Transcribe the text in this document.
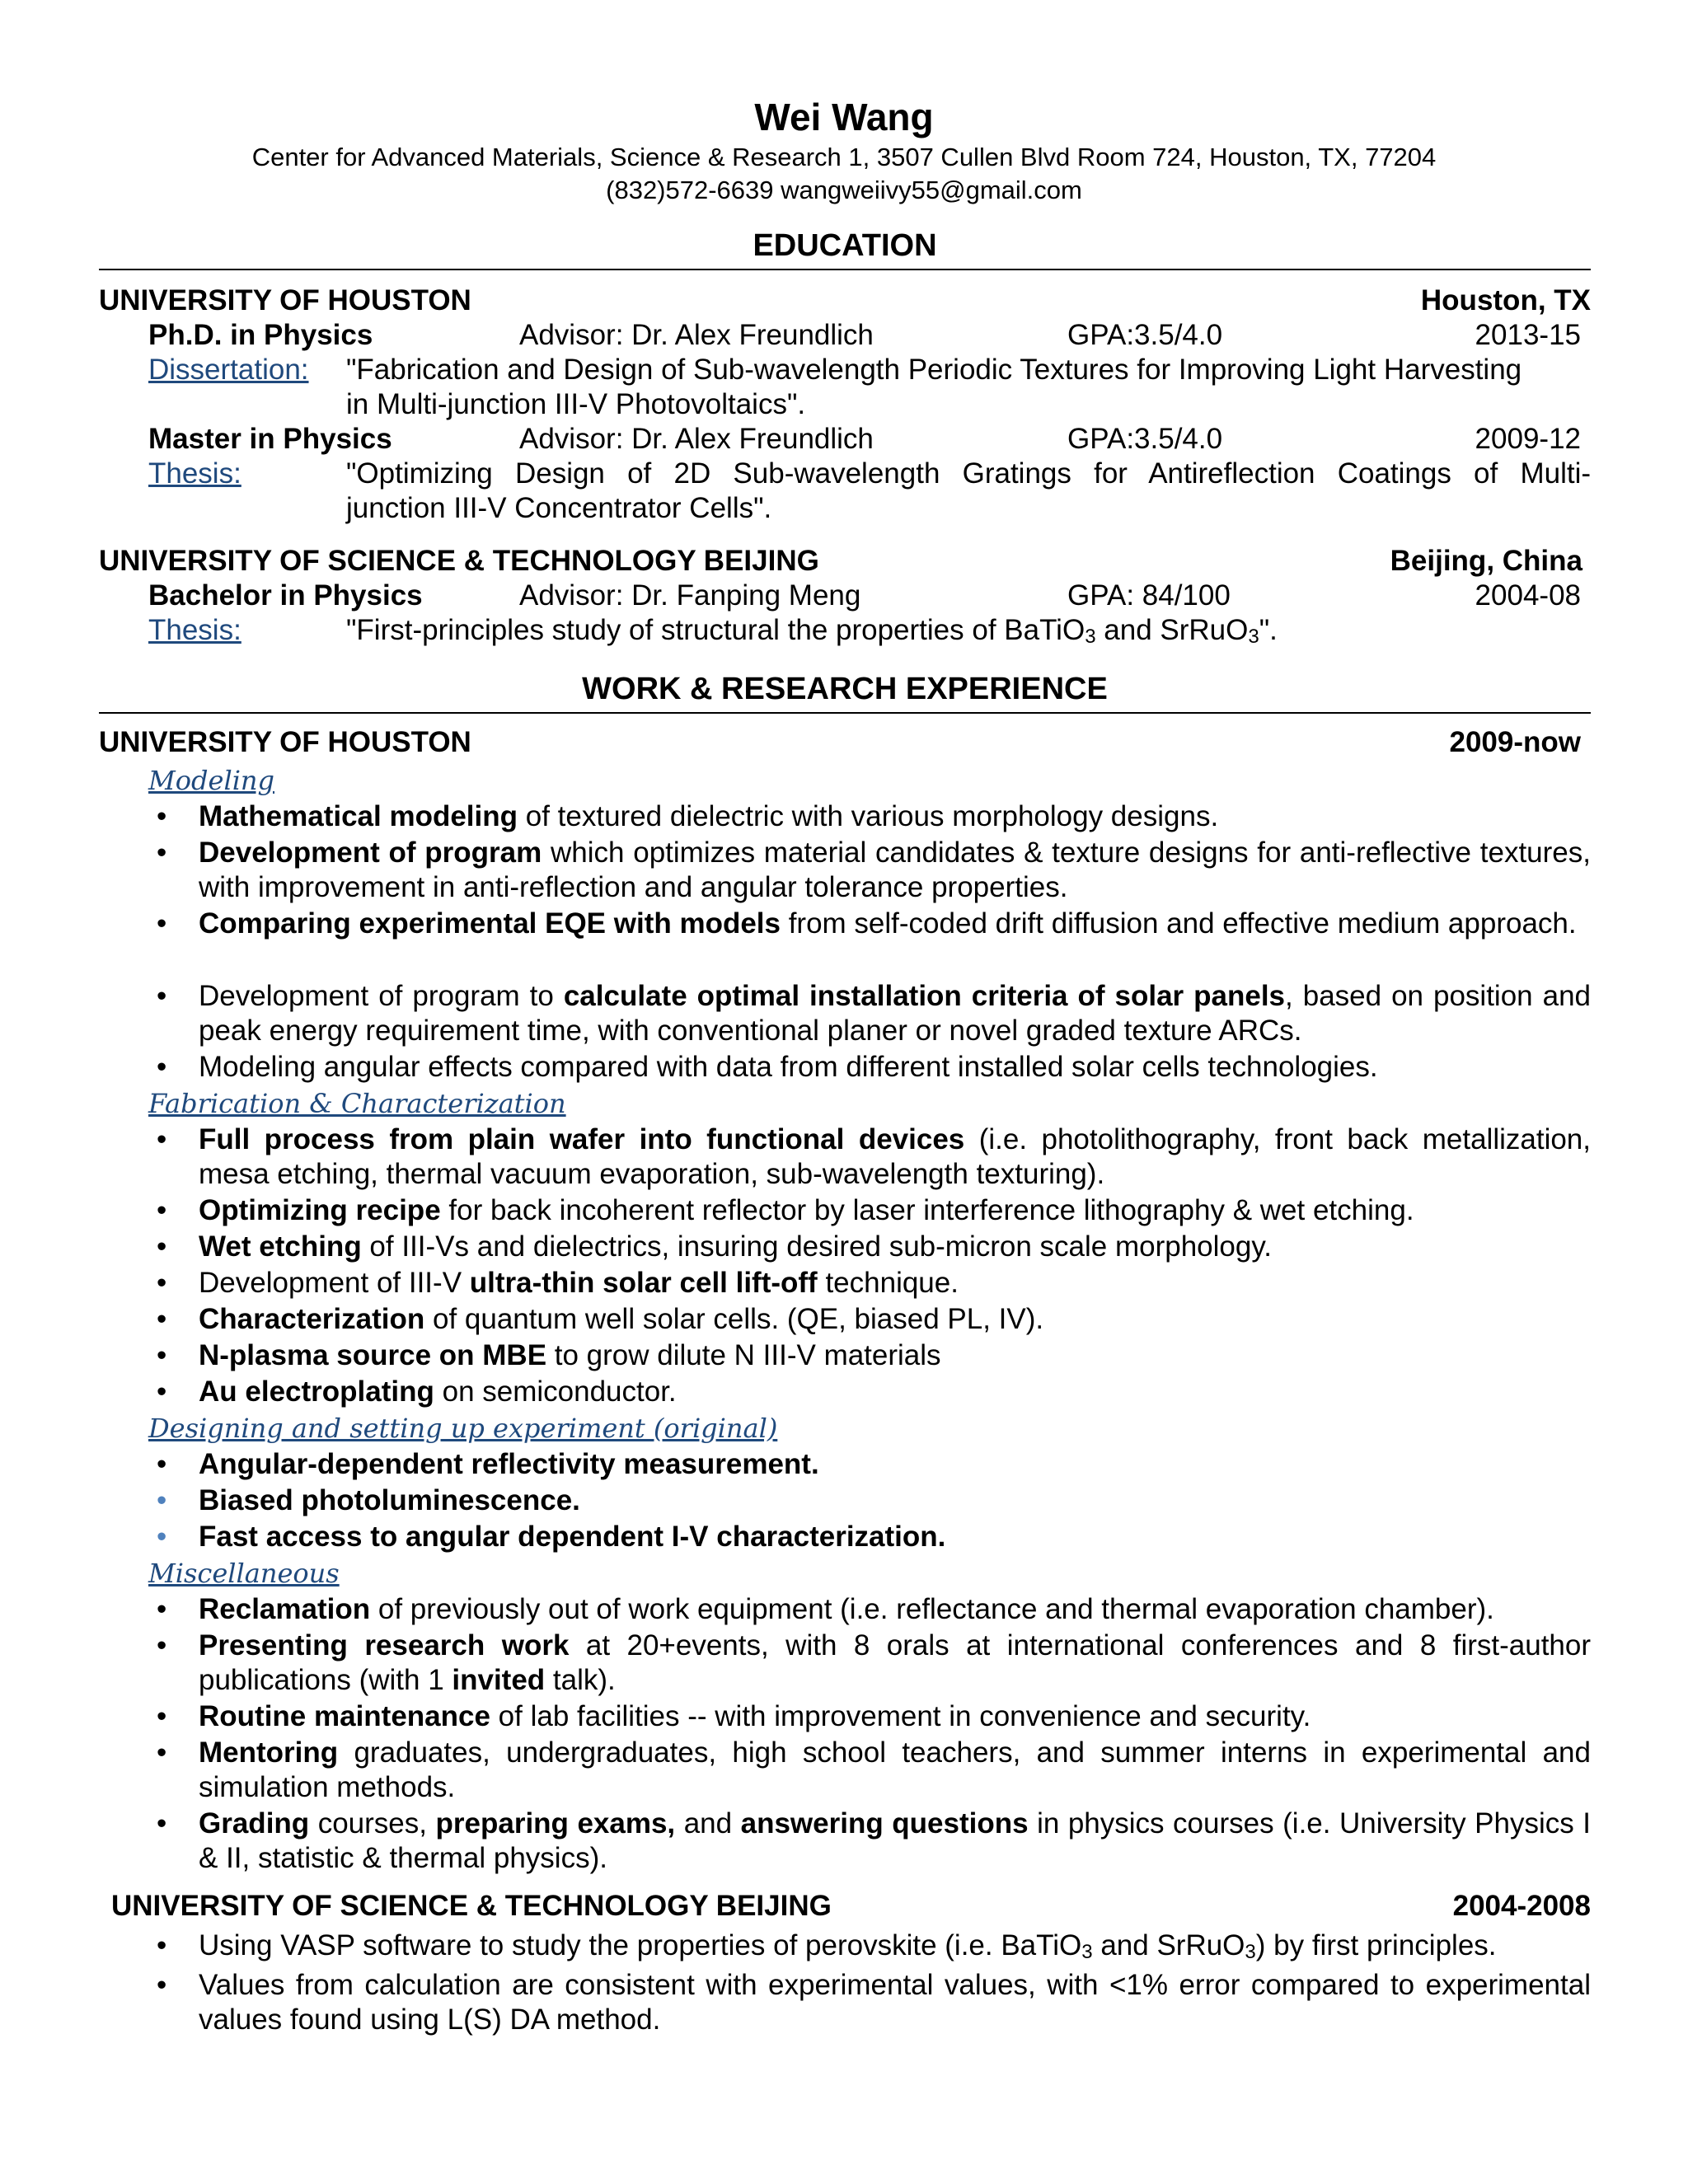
Wei Wang
Center for Advanced Materials, Science & Research 1, 3507 Cullen Blvd Room 724, Houston, TX, 77204
(832)572-6639 wangweiivy55@gmail.com
EDUCATION
UNIVERSITY OF HOUSTON	Houston, TX
Ph.D. in Physics	Advisor: Dr. Alex Freundlich	GPA:3.5/4.0	2013-15
Dissertation: "Fabrication and Design of Sub-wavelength Periodic Textures for Improving Light Harvesting
in Multi-junction III-V Photovoltaics".
Master in Physics	Advisor: Dr. Alex Freundlich	GPA:3.5/4.0	2009-12
Thesis:	"Optimizing Design of 2D Sub-wavelength Gratings for Antireflection Coatings of Multi-
junction III-V Concentrator Cells".
UNIVERSITY OF SCIENCE & TECHNOLOGY BEIJING	Beijing, China
Bachelor in Physics	Advisor: Dr. Fanping Meng	GPA: 84/100	2004-08
Thesis:	"First-principles study of structural the properties of BaTiO$_3$ and SrRuO$_3$".
WORK & RESEARCH EXPERIENCE
UNIVERSITY OF HOUSTON	2009-now
Modeling
• Mathematical modeling of textured dielectric with various morphology designs.
• Development of program which optimizes material candidates & texture designs for anti-reflective textures, with improvement in anti-reflection and angular tolerance properties.
• Comparing experimental EQE with models from self-coded drift diffusion and effective medium approach.
• Development of program to calculate optimal installation criteria of solar panels, based on position and peak energy requirement time, with conventional planer or novel graded texture ARCs.
• Modeling angular effects compared with data from different installed solar cells technologies.
Fabrication & Characterization
• Full process from plain wafer into functional devices (i.e. photolithography, front back metallization, mesa etching, thermal vacuum evaporation, sub-wavelength texturing).
• Optimizing recipe for back incoherent reflector by laser interference lithography & wet etching.
• Wet etching of III-Vs and dielectrics, insuring desired sub-micron scale morphology.
• Development of III-V ultra-thin solar cell lift-off technique.
• Characterization of quantum well solar cells. (QE, biased PL, IV).
• N-plasma source on MBE to grow dilute N III-V materials
• Au electroplating on semiconductor.
Designing and setting up experiment (original)
• Angular-dependent reflectivity measurement.
• Biased photoluminescence.
• Fast access to angular dependent I-V characterization.
Miscellaneous
• Reclamation of previously out of work equipment (i.e. reflectance and thermal evaporation chamber).
• Presenting research work at 20+events, with 8 orals at international conferences and 8 first-author publications (with 1 invited talk).
• Routine maintenance of lab facilities -- with improvement in convenience and security.
• Mentoring graduates, undergraduates, high school teachers, and summer interns in experimental and simulation methods.
• Grading courses, preparing exams, and answering questions in physics courses (i.e. University Physics I & II, statistic & thermal physics).
UNIVERSITY OF SCIENCE & TECHNOLOGY BEIJING	2004-2008
• Using VASP software to study the properties of perovskite (i.e. BaTiO$_3$ and SrRuO$_3$) by first principles.
• Values from calculation are consistent with experimental values, with <1% error compared to experimental values found using L(S) DA method.
